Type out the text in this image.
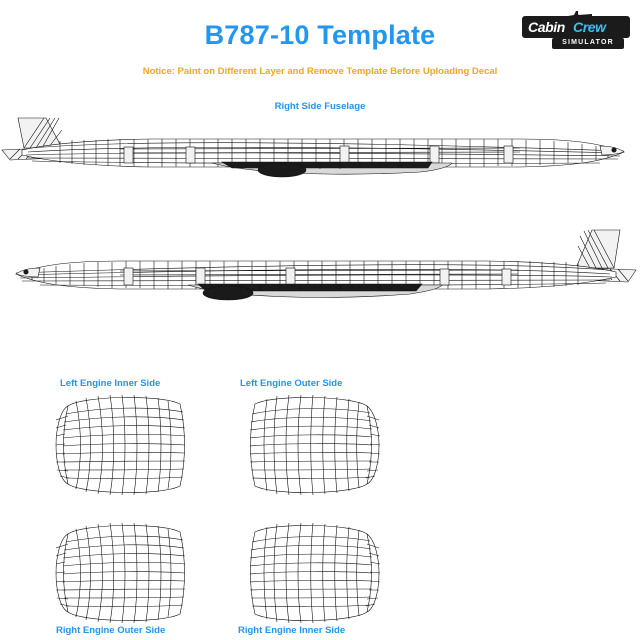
B787-10 Template
Notice: Paint on Different Layer and Remove Template Before Uploading Decal
Cabin Crew
SIMULATOR
Right Side Fuselage
Left Engine Inner Side	Left Engine Outer Side
Right Engine Outer Side	Right Engine Inner Side
